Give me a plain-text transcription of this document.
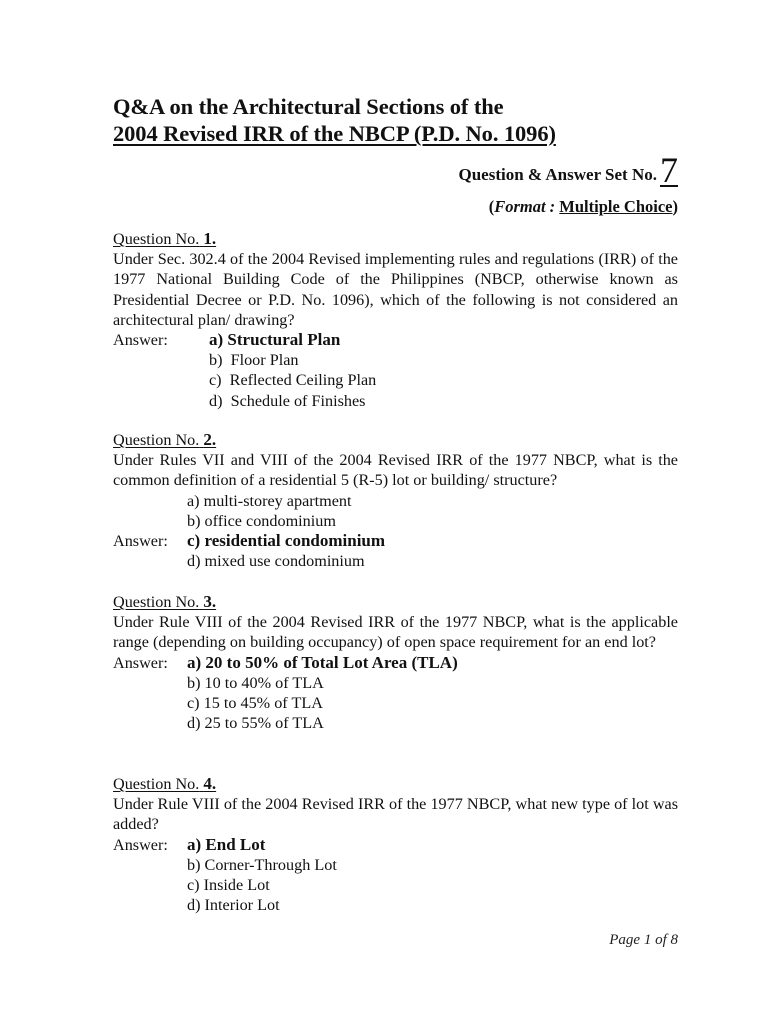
Q&A on the Architectural Sections of the
2004 Revised IRR of the NBCP (P.D. No. 1096)
Question & Answer Set No.7
(Format : Multiple Choice)
Question No. 1.
Under Sec. 302.4 of the 2004 Revised implementing rules and regulations (IRR) of the 1977 National Building Code of the Philippines (NBCP, otherwise known as Presidential Decree or P.D. No. 1096), which of the following is not considered an architectural plan/ drawing?
Answer:	a) Structural Plan
b)
Floor Plan
c)
Reflected Ceiling Plan
d)
Schedule of Finishes
Question No. 2.
Under Rules VII and VIII of the 2004 Revised IRR of the 1977 NBCP, what is the common definition of a residential 5 (R-5) lot or building/ structure?
a)
multi-storey apartment
b)
office condominium
Answer:	c) residential condominium
d)
mixed use condominium
Question No. 3.
Under Rule VIII of the 2004 Revised IRR of the 1977 NBCP, what is the applicable range (depending on building occupancy) of open space requirement for an end lot?
Answer:	a) 20 to 50% of Total Lot Area (TLA)
b)
10 to 40% of TLA
c)
15 to 45% of TLA
d)
25 to 55% of TLA
Question No. 4.
Under Rule VIII of the 2004 Revised IRR of the 1977 NBCP, what new type of lot was added?
Answer:	a) End Lot
b)
Corner-Through Lot
c)
Inside Lot
d)
Interior Lot
Page 1 of 8
